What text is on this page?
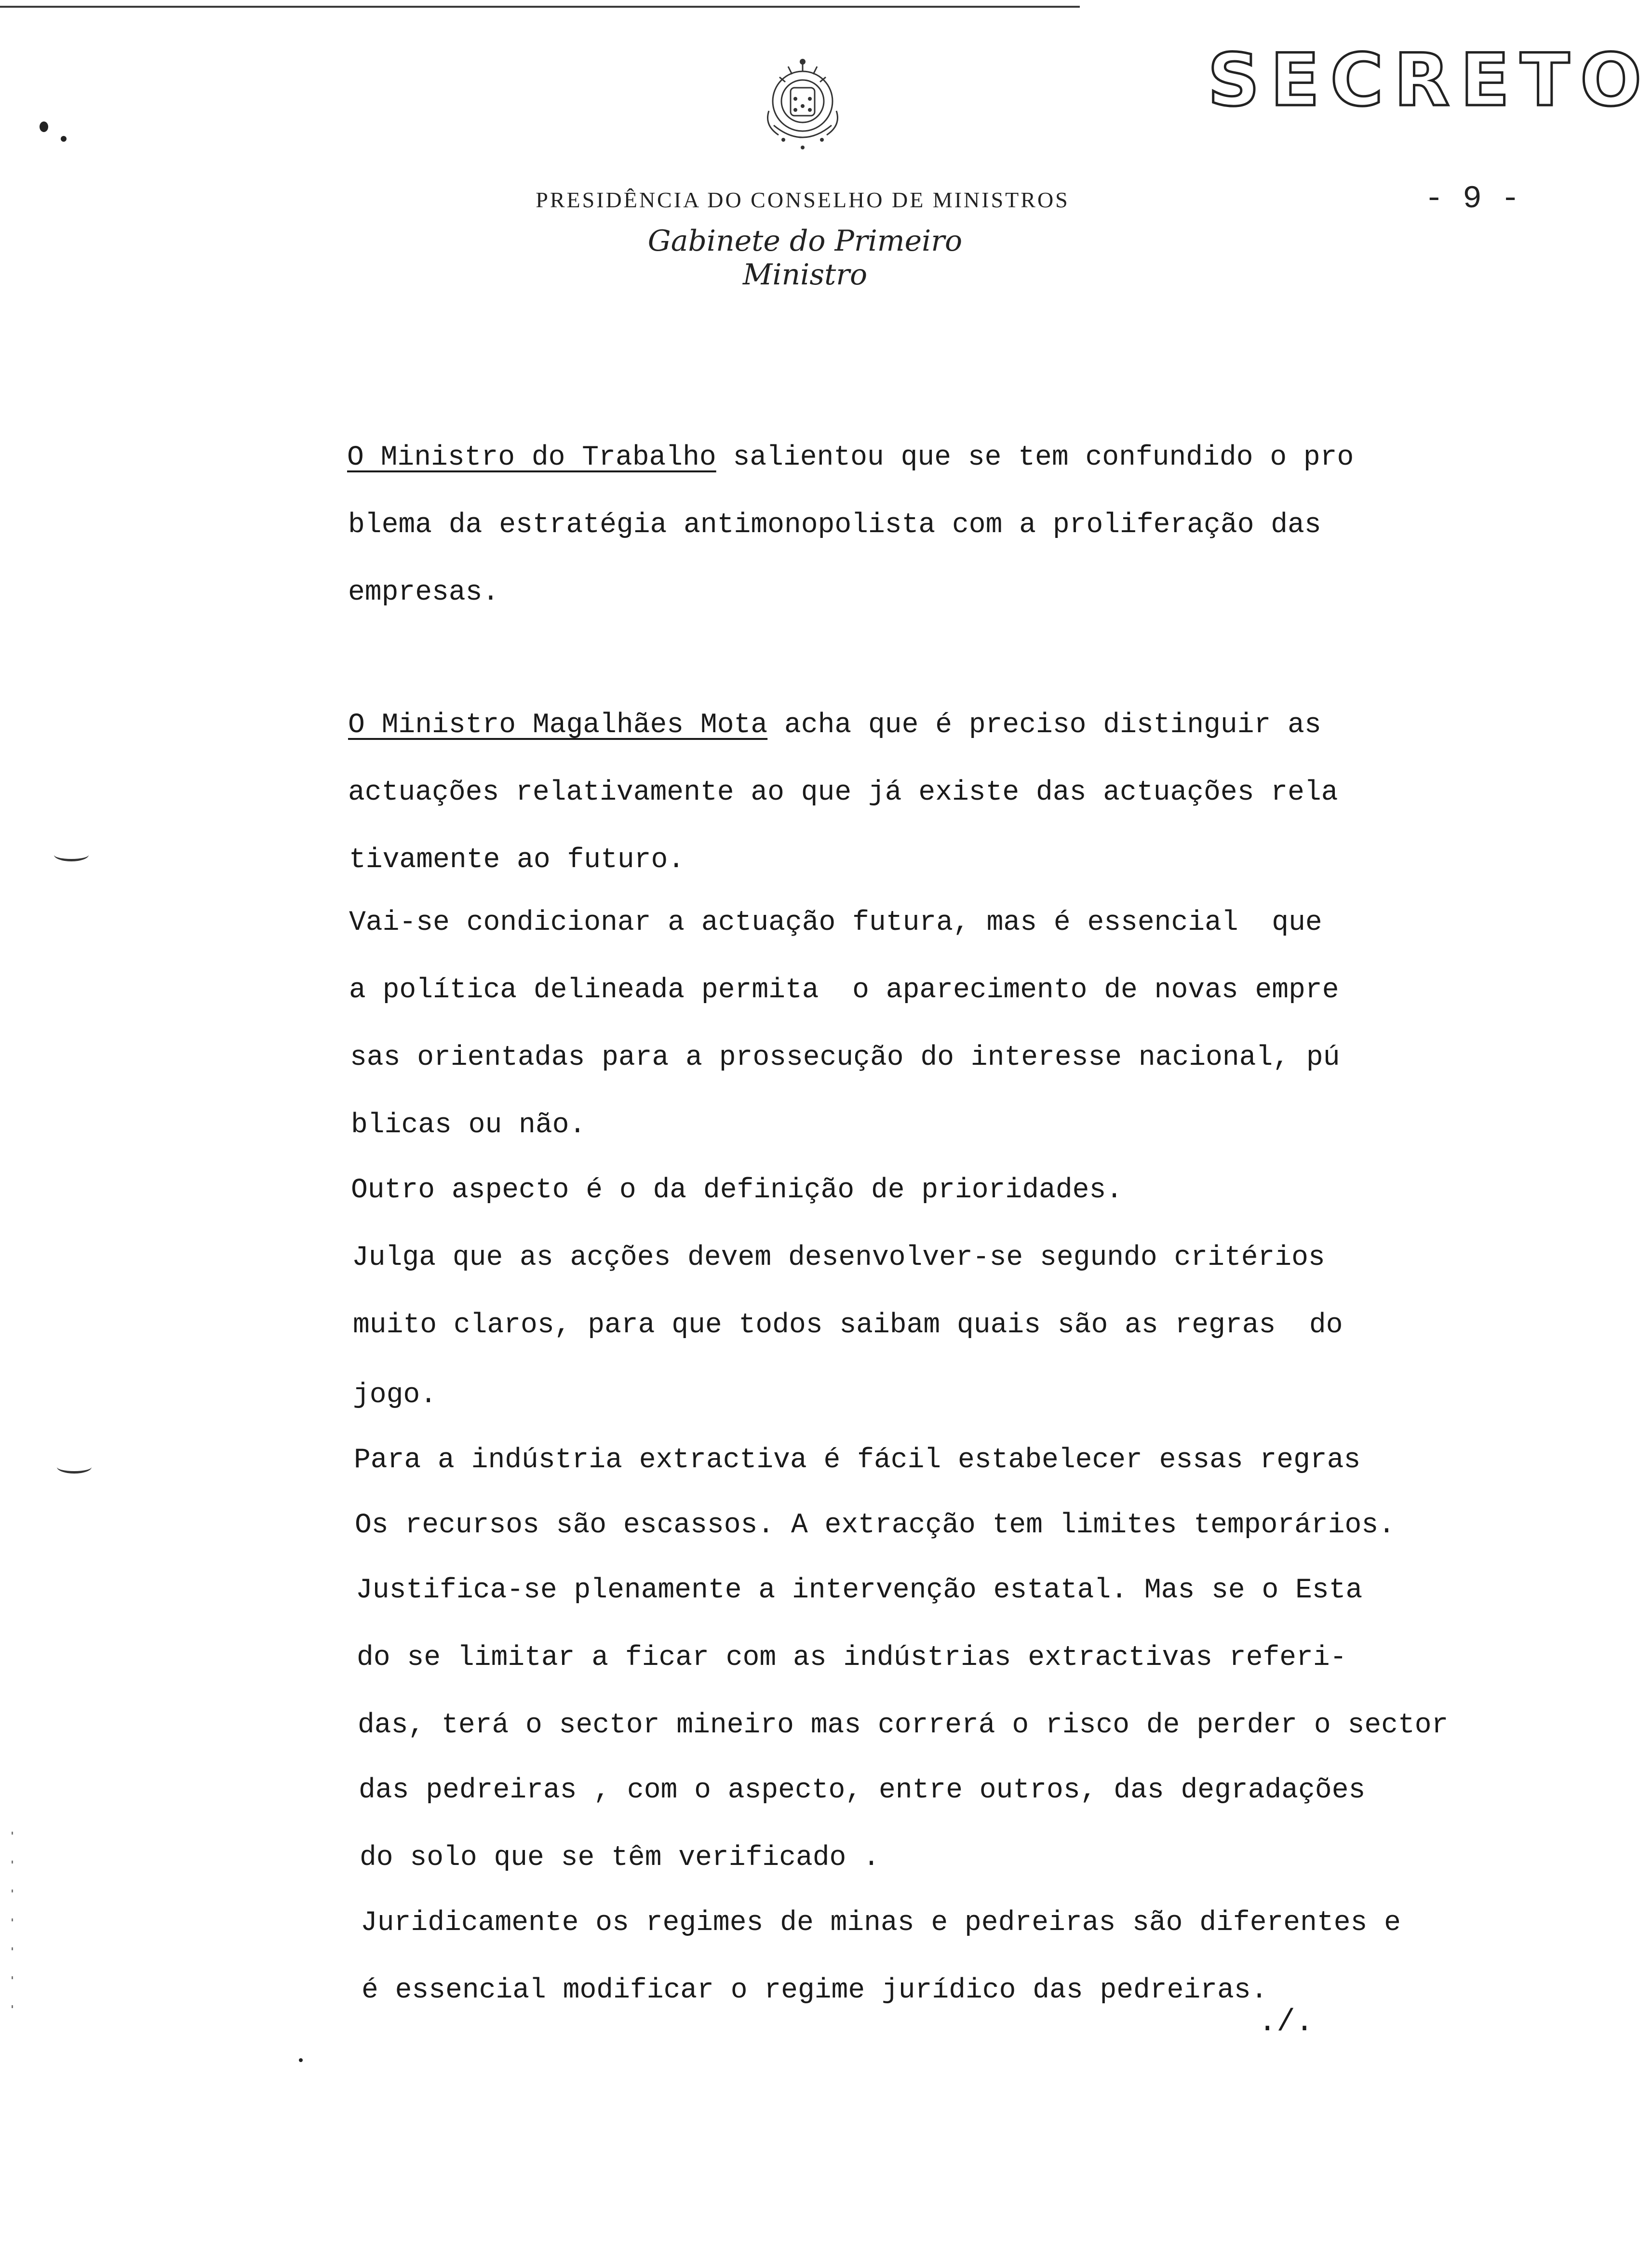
SECRETO
PRESIDÊNCIA DO CONSELHO DE MINISTROS
Gabinete do Primeiro Ministro
- 9 -
O Ministro do Trabalho salientou que se tem confundido o pro
blema da estratégia antimonopolista com a proliferação das
empresas.
O Ministro Magalhães Mota acha que é preciso distinguir as
actuações relativamente ao que já existe das actuações rela
tivamente ao futuro.
Vai-se condicionar a actuação futura, mas é essencial  que
a política delineada permita  o aparecimento de novas empre
sas orientadas para a prossecução do interesse nacional, pú
blicas ou não.
Outro aspecto é o da definição de prioridades.
Julga que as acções devem desenvolver-se segundo critérios
muito claros, para que todos saibam quais são as regras  do
jogo.
Para a indústria extractiva é fácil estabelecer essas regras
Os recursos são escassos. A extracção tem limites temporários.
Justifica-se plenamente a intervenção estatal. Mas se o Esta
do se limitar a ficar com as indústrias extractivas referi-
das, terá o sector mineiro mas correrá o risco de perder o sector
das pedreiras , com o aspecto, entre outros, das degradações
do solo que se têm verificado .
Juridicamente os regimes de minas e pedreiras são diferentes e
é essencial modificar o regime jurídico das pedreiras.
./.
